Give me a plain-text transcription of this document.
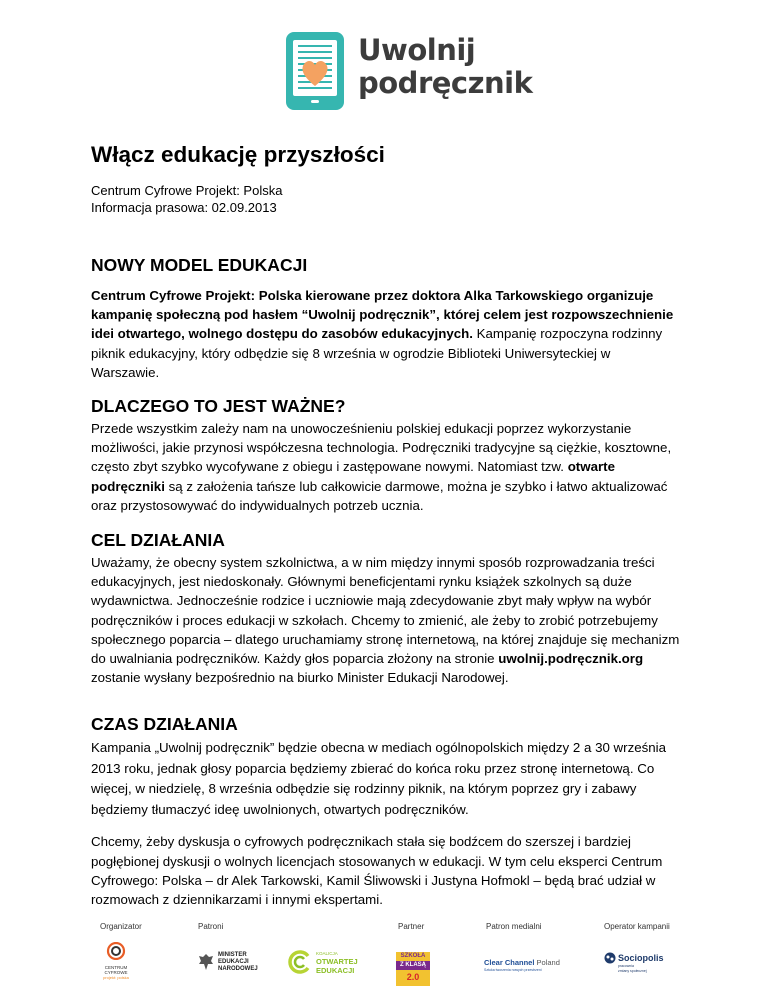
Uwolnij
podręcznik
Włącz edukację przyszłości
Centrum Cyfrowe Projekt: Polska
Informacja prasowa: 02.09.2013
NOWY MODEL EDUKACJI

Centrum Cyfrowe Projekt: Polska kierowane przez doktora Alka Tarkowskiego organizuje kampanię społeczną pod hasłem “Uwolnij podręcznik”, której celem jest rozpowszechnienie idei otwartego, wolnego dostępu do zasobów edukacyjnych. Kampanię rozpoczyna rodzinny piknik edukacyjny, który odbędzie się 8 września w ogrodzie Biblioteki Uniwersyteckiej w Warszawie.

DLACZEGO TO JEST WAŻNE?

Przede wszystkim zależy nam na unowocześnieniu polskiej edukacji poprzez wykorzystanie możliwości, jakie przynosi współczesna technologia. Podręczniki tradycyjne są ciężkie, kosztowne, często zbyt szybko wycofywane z obiegu i zastępowane nowymi. Natomiast tzw. otwarte podręczniki są z założenia tańsze lub całkowicie darmowe, można je szybko i łatwo aktualizować oraz przystosowywać do indywidualnych potrzeb ucznia.

CEL DZIAŁANIA

Uważamy, że obecny system szkolnictwa, a w nim między innymi sposób rozprowadzania treści edukacyjnych, jest niedoskonały. Głównymi beneficjentami rynku książek szkolnych są duże wydawnictwa. Jednocześnie rodzice i uczniowie mają zdecydowanie zbyt mały wpływ na wybór podręczników i proces edukacji w szkołach. Chcemy to zmienić, ale żeby to zrobić potrzebujemy społecznego poparcia – dlatego uruchamiamy stronę internetową, na której znajduje się mechanizm do uwalniania podręczników. Każdy głos poparcia złożony na stronie uwolnij.podręcznik.org zostanie wysłany bezpośrednio na biurko Minister Edukacji Narodowej.

CZAS DZIAŁANIA

Kampania „Uwolnij podręcznik” będzie obecna w mediach ogólnopolskich między 2 a 30 września 2013 roku, jednak głosy poparcia będziemy zbierać do końca roku przez stronę internetową. Co więcej, w niedzielę, 8 września odbędzie się rodzinny piknik, na którym poprzez gry i zabawy będziemy tłumaczyć ideę uwolnionych, otwartych podręczników.

Chcemy, żeby dyskusja o cyfrowych podręcznikach stała się bodźcem do szerszej i bardziej pogłębionej dyskusji o wolnych licencjach stosowanych w edukacji. W tym celu eksperci Centrum Cyfrowego: Polska – dr Alek Tarkowski, Kamil Śliwowski i Justyna Hofmokl – będą brać udział w rozmowach z dziennikarzami i innymi ekspertami.

Organizator	Patroni	Partner	Patron medialni	Operator kampanii
CENTRUM
CYFROWE
projekt: polska
MINISTER
EDUKACJI
NARODOWEJ
KOALICJA
OTWARTEJ
EDUKACJI
SZKOŁA
Z KLASĄ
2.0
Clear Channel Poland
Sztuka tworzenia nowych przestrzeni
Sociopolis
pracownia
zmiany społecznej
